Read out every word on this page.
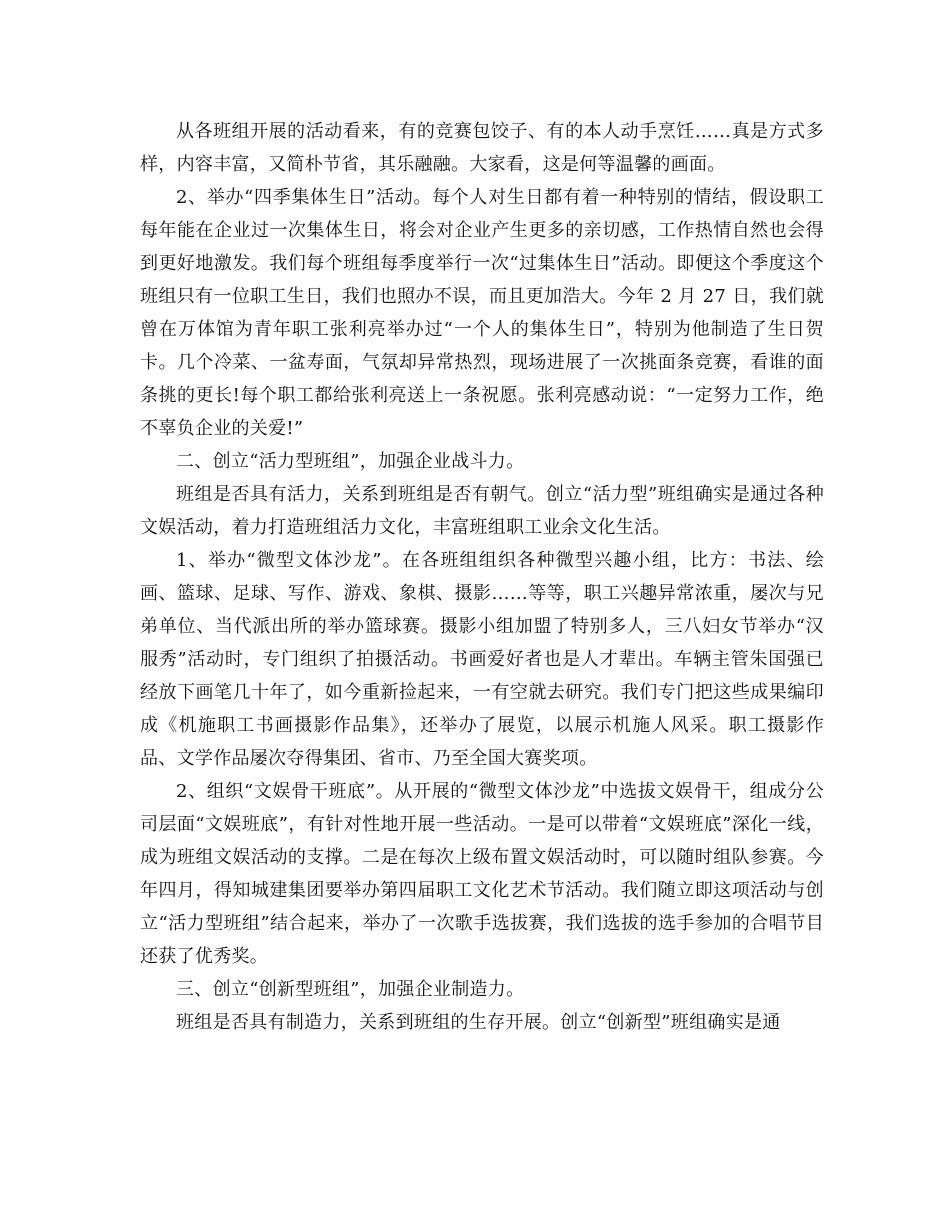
从各班组开展的活动看来，有的竞赛包饺子、有的本人动手烹饪……真是方式多样，内容丰富，又简朴节省，其乐融融。大家看，这是何等温馨的画面。

2、举办“四季集体生日”活动。每个人对生日都有着一种特别的情结，假设职工每年能在企业过一次集体生日，将会对企业产生更多的亲切感，工作热情自然也会得到更好地激发。我们每个班组每季度举行一次“过集体生日”活动。即便这个季度这个班组只有一位职工生日，我们也照办不误，而且更加浩大。今年 2 月 27 日，我们就曾在万体馆为青年职工张利亮举办过“一个人的集体生日”，特别为他制造了生日贺卡。几个冷菜、一盆寿面，气氛却异常热烈，现场进展了一次挑面条竞赛，看谁的面条挑的更长!每个职工都给张利亮送上一条祝愿。张利亮感动说：“一定努力工作，绝不辜负企业的关爱!”

二、创立“活力型班组”，加强企业战斗力。

班组是否具有活力，关系到班组是否有朝气。创立“活力型”班组确实是通过各种文娱活动，着力打造班组活力文化，丰富班组职工业余文化生活。

1、举办“微型文体沙龙”。在各班组组织各种微型兴趣小组，比方：书法、绘画、篮球、足球、写作、游戏、象棋、摄影……等等，职工兴趣异常浓重，屡次与兄弟单位、当代派出所的举办篮球赛。摄影小组加盟了特别多人，三八妇女节举办“汉服秀”活动时，专门组织了拍摄活动。书画爱好者也是人才辈出。车辆主管朱国强已经放下画笔几十年了，如今重新捡起来，一有空就去研究。我们专门把这些成果编印成《机施职工书画摄影作品集》，还举办了展览，以展示机施人风采。职工摄影作品、文学作品屡次夺得集团、省市、乃至全国大赛奖项。

2、组织“文娱骨干班底”。从开展的“微型文体沙龙”中选拔文娱骨干，组成分公司层面“文娱班底”，有针对性地开展一些活动。一是可以带着“文娱班底”深化一线，成为班组文娱活动的支撑。二是在每次上级布置文娱活动时，可以随时组队参赛。今年四月，得知城建集团要举办第四届职工文化艺术节活动。我们随立即这项活动与创立“活力型班组”结合起来，举办了一次歌手选拔赛，我们选拔的选手参加的合唱节目还获了优秀奖。

三、创立“创新型班组”，加强企业制造力。

班组是否具有制造力，关系到班组的生存开展。创立“创新型”班组确实是通
